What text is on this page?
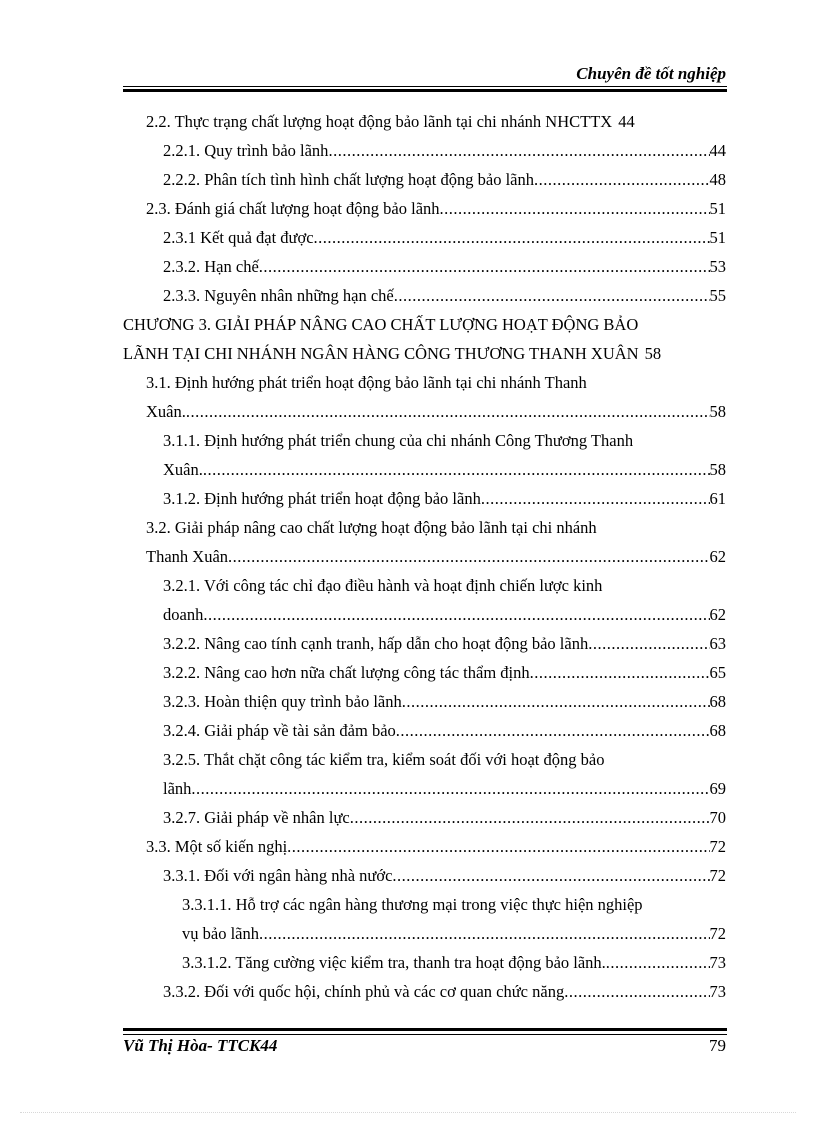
Chuyên đề tốt nghiệp
2.2. Thực trạng chất lượng hoạt động bảo lãnh tại chi nhánh NHCTTX 44
2.2.1. Quy trình bảo lãnh .....	44
2.2.2. Phân tích tình hình chất lượng hoạt động bảo lãnh .....	48
2.3. Đánh giá chất lượng hoạt động bảo lãnh .....	51
2.3.1 Kết quả đạt được .....	51
2.3.2. Hạn chế .....	53
2.3.3. Nguyên nhân những hạn chế .....	55
CHƯƠNG 3. GIẢI PHÁP NÂNG CAO CHẤT LƯỢNG HOẠT ĐỘNG BẢO
LÃNH TẠI CHI NHÁNH NGÂN HÀNG CÔNG THƯƠNG THANH XUÂN 58
3.1. Định hướng phát triển hoạt động bảo lãnh tại chi nhánh Thanh
Xuân. .....	58
3.1.1. Định hướng phát triển chung của chi nhánh Công Thương Thanh
Xuân. .....	58
3.1.2. Định hướng phát triển hoạt động bảo lãnh .....	61
3.2. Giải pháp nâng cao chất lượng hoạt động bảo lãnh tại chi nhánh
Thanh Xuân .....	62
3.2.1. Với công tác chỉ đạo điều hành và hoạt định chiến lược kinh
doanh .....	62
3.2.2. Nâng cao tính cạnh tranh, hấp dẫn cho hoạt động bảo lãnh .....	63
3.2.2. Nâng cao hơn nữa chất lượng công tác thẩm định .....	65
3.2.3. Hoàn thiện quy trình bảo lãnh .....	68
3.2.4. Giải pháp về tài sản đảm bảo .....	68
3.2.5. Thắt chặt công tác kiểm tra, kiểm soát đối với hoạt động bảo
lãnh .....	69
3.2.7. Giải pháp về nhân lực .....	70
3.3. Một số kiến nghị .....	72
3.3.1. Đối với ngân hàng nhà nước .....	72
3.3.1.1. Hỗ trợ các ngân hàng thương mại trong việc thực hiện nghiệp
vụ bảo lãnh .....	72
3.3.1.2. Tăng cường việc kiểm tra, thanh tra hoạt động bảo lãnh. .....	73
3.3.2. Đối với quốc hội, chính phủ và các cơ quan chức năng .....	73
Vũ Thị Hòa- TTCK44	79
